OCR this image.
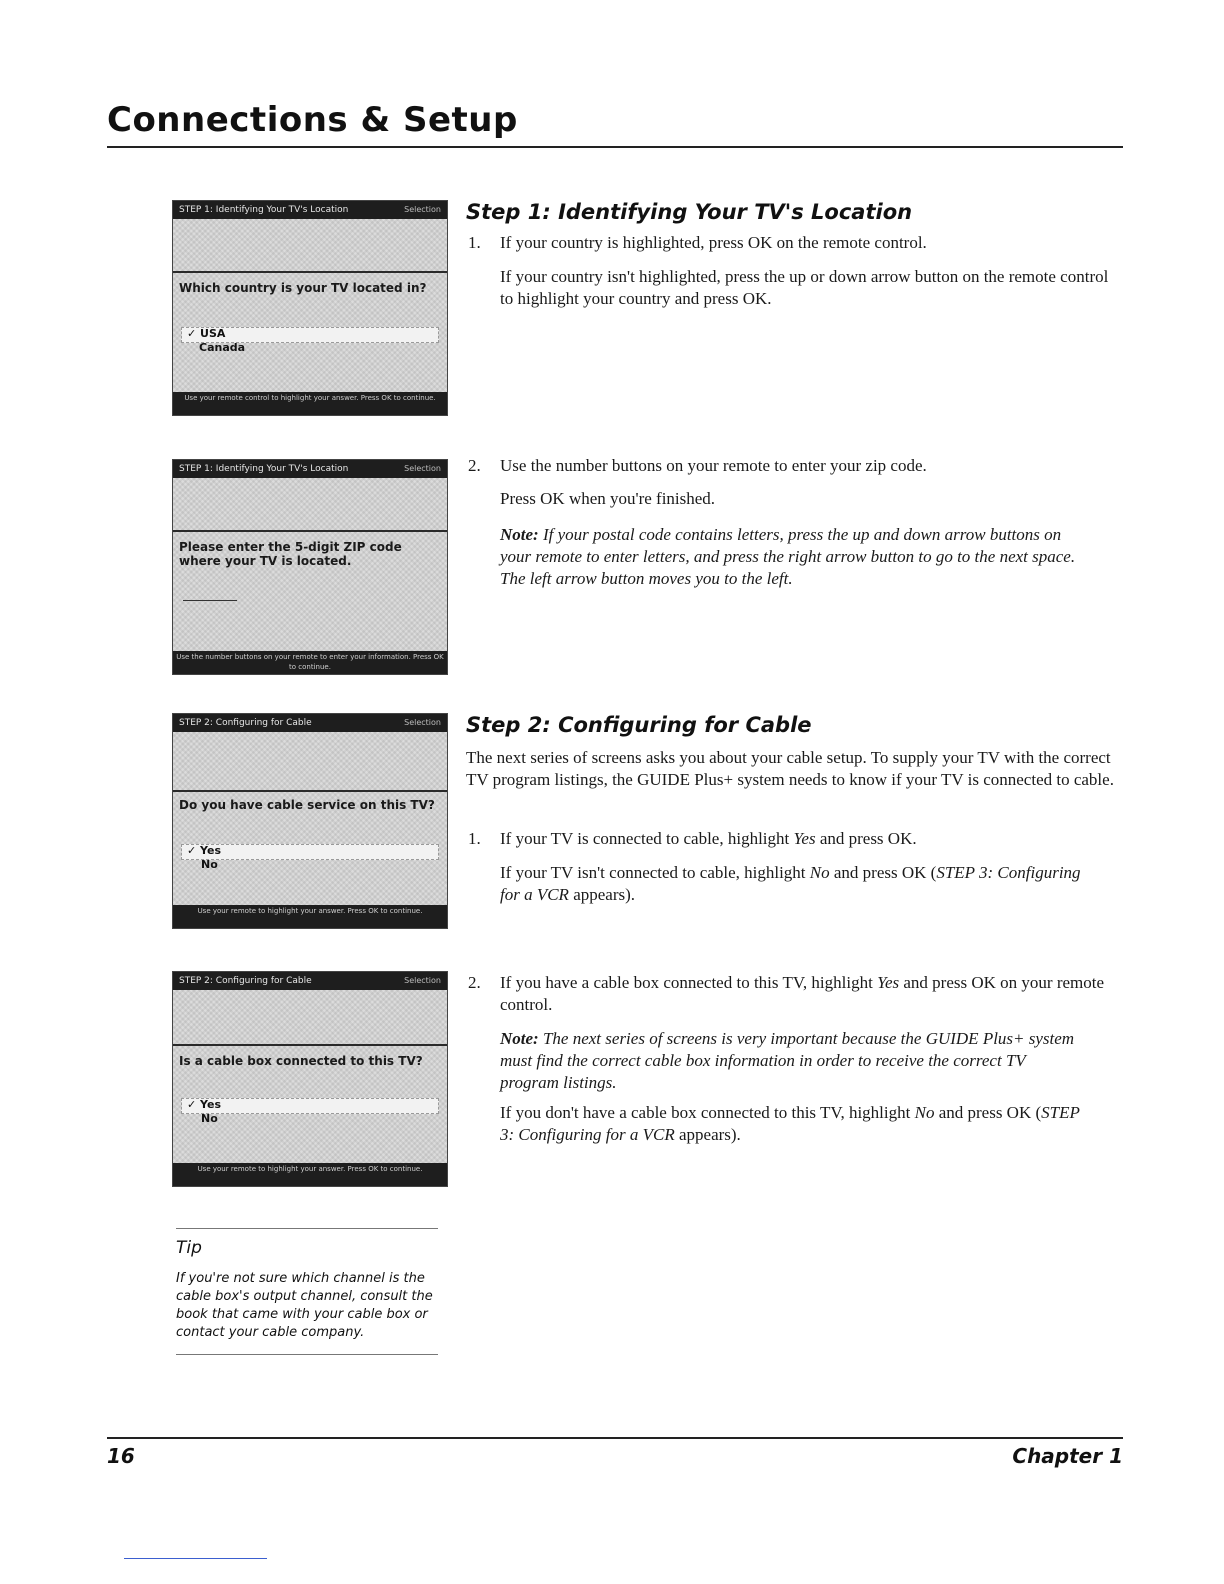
Connections & Setup
STEP 1: Identifying Your TV's Location	Selection
Which country is your TV located in?
✓ USA
Canada
Use your remote control to highlight your answer. Press OK to continue.
STEP 1: Identifying Your TV's Location	Selection
Please enter the 5-digit ZIP code where your TV is located.
Use the number buttons on your remote to enter your information. Press OK to continue.
STEP 2: Configuring for Cable	Selection
Do you have cable service on this TV?
✓ Yes
No
Use your remote to highlight your answer. Press OK to continue.
STEP 2: Configuring for Cable	Selection
Is a cable box connected to this TV?
✓ Yes
No
Use your remote to highlight your answer. Press OK to continue.
Step 1: Identifying Your TV's Location
1. If your country is highlighted, press OK on the remote control.
If your country isn't highlighted, press the up or down arrow button on the remote control to highlight your country and press OK.
2. Use the number buttons on your remote to enter your zip code.
Press OK when you're finished.
Note: If your postal code contains letters, press the up and down arrow buttons on your remote to enter letters, and press the right arrow button to go to the next space. The left arrow button moves you to the left.
Step 2: Configuring for Cable
The next series of screens asks you about your cable setup. To supply your TV with the correct TV program listings, the GUIDE Plus+ system needs to know if your TV is connected to cable.
1. If your TV is connected to cable, highlight Yes and press OK.
If your TV isn't connected to cable, highlight No and press OK (STEP 3: Configuring for a VCR appears).
2. If you have a cable box connected to this TV, highlight Yes and press OK on your remote control.
Note: The next series of screens is very important because the GUIDE Plus+ system must find the correct cable box information in order to receive the correct TV program listings.
If you don't have a cable box connected to this TV, highlight No and press OK (STEP 3: Configuring for a VCR appears).
Tip
If you're not sure which channel is the cable box's output channel, consult the book that came with your cable box or contact your cable company.
16	Chapter 1
